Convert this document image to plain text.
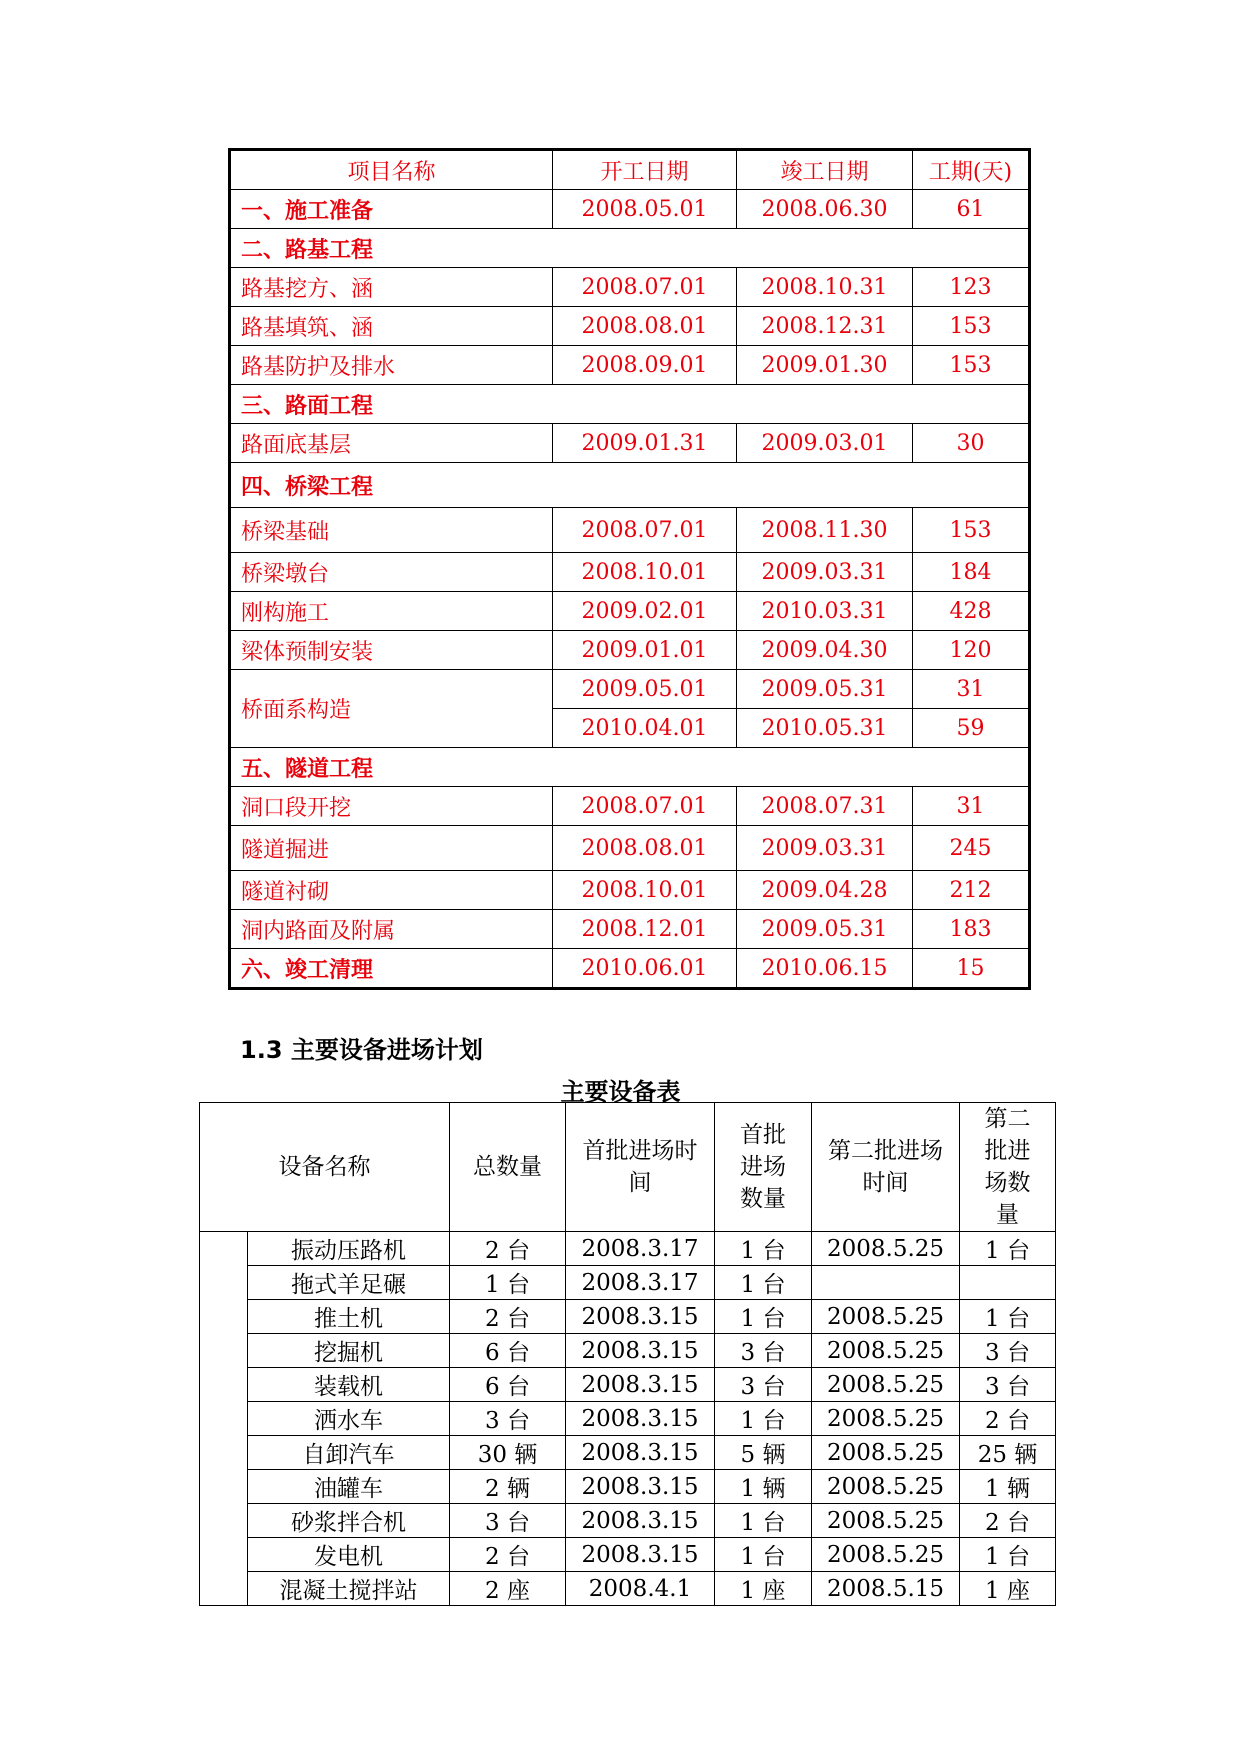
项目名称	开工日期	竣工日期	工期(天)
一、施工准备	2008.05.01	2008.06.30	61
二、路基工程			
路基挖方、涵	2008.07.01	2008.10.31	123
路基填筑、涵	2008.08.01	2008.12.31	153
路基防护及排水	2008.09.01	2009.01.30	153
三、路面工程			
路面底基层	2009.01.31	2009.03.01	30
四、桥梁工程			
桥梁基础	2008.07.01	2008.11.30	153
桥梁墩台	2008.10.01	2009.03.31	184
刚构施工	2009.02.01	2010.03.31	428
梁体预制安装	2009.01.01	2009.04.30	120
桥面系构造	2009.05.01	2009.05.31	31
	2010.04.01	2010.05.31	59
五、隧道工程			
洞口段开挖	2008.07.01	2008.07.31	31
隧道掘进	2008.08.01	2009.03.31	245
隧道衬砌	2008.10.01	2009.04.28	212
洞内路面及附属	2008.12.01	2009.05.31	183
六、竣工清理	2010.06.01	2010.06.15	15
1.3 主要设备进场计划
主要设备表
设备名称		总数量	首批进场时间	首批进场数量	第二批进场时间	第二批进场数量
	振动压路机	2 台	2008.3.17	1 台	2008.5.25	1 台
	拖式羊足碾	1 台	2008.3.17	1 台		
	推土机	2 台	2008.3.15	1 台	2008.5.25	1 台
	挖掘机	6 台	2008.3.15	3 台	2008.5.25	3 台
	装载机	6 台	2008.3.15	3 台	2008.5.25	3 台
	洒水车	3 台	2008.3.15	1 台	2008.5.25	2 台
	自卸汽车	30 辆	2008.3.15	5 辆	2008.5.25	25 辆
	油罐车	2 辆	2008.3.15	1 辆	2008.5.25	1 辆
	砂浆拌合机	3 台	2008.3.15	1 台	2008.5.25	2 台
	发电机	2 台	2008.3.15	1 台	2008.5.25	1 台
	混凝土搅拌站	2 座	2008.4.1	1 座	2008.5.15	1 座
